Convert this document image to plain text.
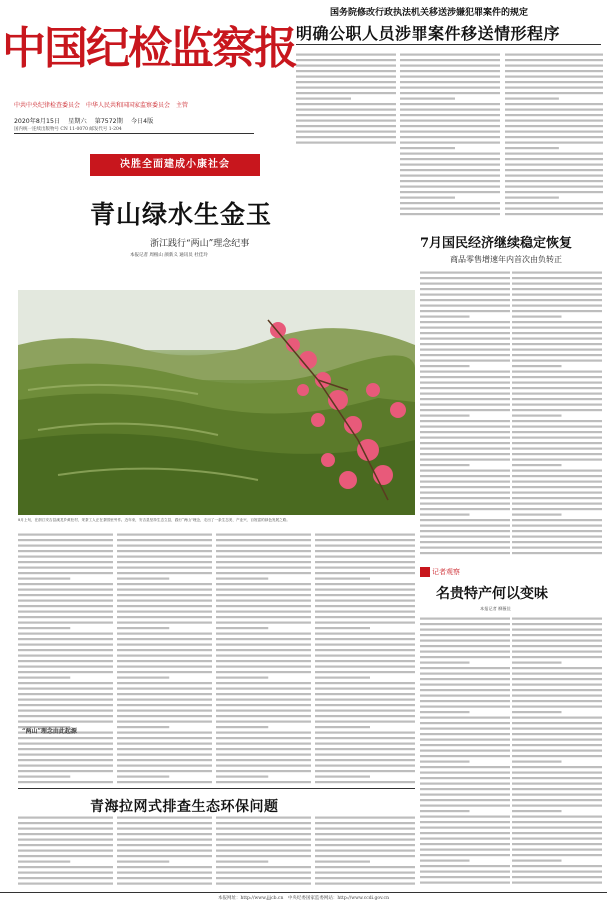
中国纪检监察报
中共中央纪律检查委员会　中华人民共和国国家监察委员会　主管
2020年8月15日 星期六 第7572期 今日4版
国内统一连续出版物号 CN 11-0070 邮发代号 1-204
国务院修改行政执法机关移送涉嫌犯罪案件的规定
明确公职人员涉罪案件移送情形程序
决胜全面建成小康社会
青山绿水生金玉
浙江践行“两山”理念纪事
本报记者 周根山 颜新义 通讯员 杜佳玲
8月上旬，在浙江安吉县溪龙乡黄杜村，采茶工人正在茶园里劳作。近年来，安吉县坚持生态立县，践行“两山”理念，走出了一条生态美、产业兴、百姓富的绿色发展之路。
“两山”理念由此起源
7月国民经济继续稳定恢复
商品零售增速年内首次由负转正
记者观察
名贵特产何以变味
本报记者 柳薇佳
青海拉网式排查生态环保问题
本报网址：http://www.jjjcb.cn　中央纪委国家监委网站：http://www.ccdi.gov.cn
